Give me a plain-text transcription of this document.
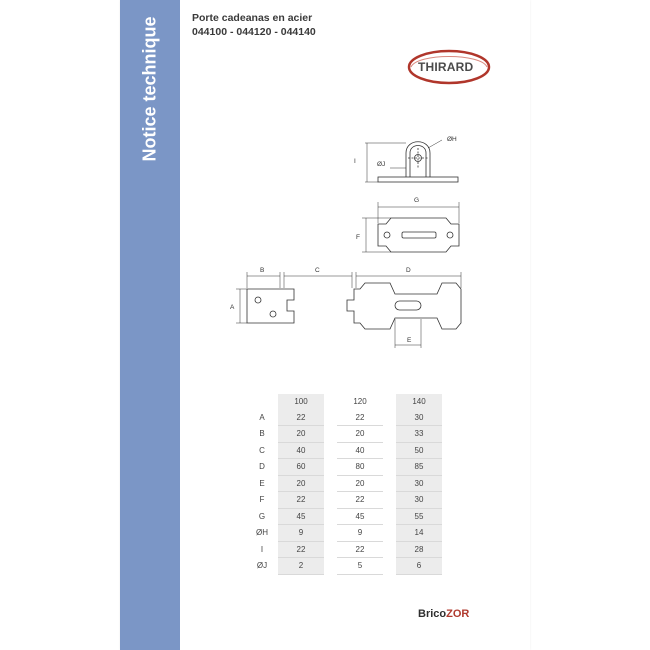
Notice technique	Porte cadeanas en acier
044100 - 044120 - 044140
THIRARD
ØH
ØJ
I
G
F
A
B	C	D
E
	100		120		140
A	22		22		30
B	20		20		33
C	40		40		50
D	60		80		85
E	20		20		30
F	22		22		30
G	45		45		55
ØH	9		9		14
I	22		22		28
ØJ	2		5		6
BricoZOR
